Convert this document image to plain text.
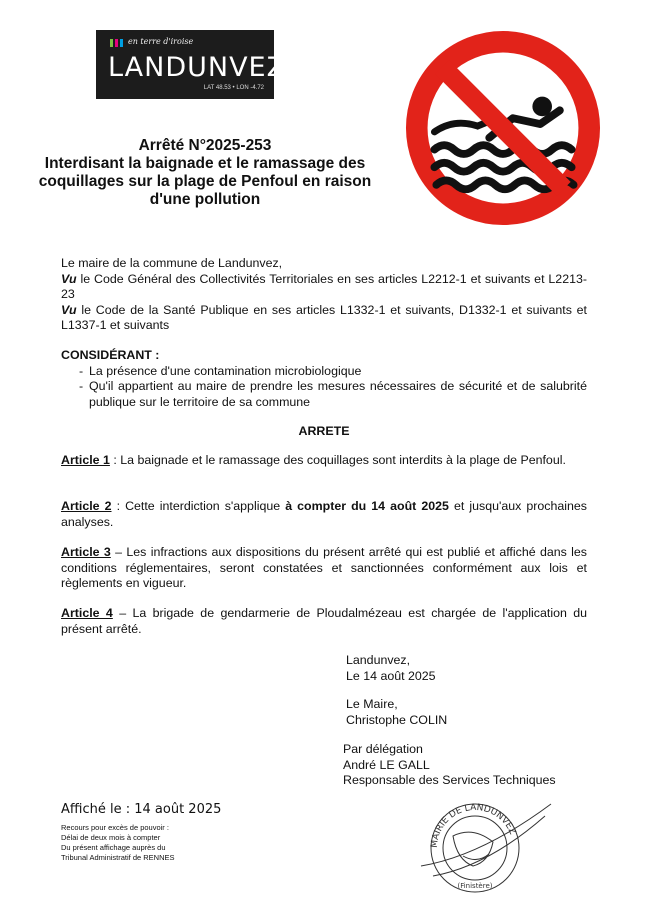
en terre d'iroise
LANDUNVEZ
LAT 48.53 • LON -4.72
Arrêté N°2025-253
Interdisant la baignade et le ramassage des
coquillages sur la plage de Penfoul en raison
d'une pollution

Le maire de la commune de Landunvez,

Vu le Code Général des Collectivités Territoriales en ses articles L2212-1 et suivants et L2213-23

Vu le Code de la Santé Publique en ses articles L1332-1 et suivants, D1332-1 et suivants et L1337-1 et suivants

CONSIDÉRANT :

- La présence d'une contamination microbiologique
- Qu'il appartient au maire de prendre les mesures nécessaires de sécurité et de salubrité publique sur le territoire de sa commune
ARRETE
Article 1 : La baignade et le ramassage des coquillages sont interdits à la plage de Penfoul.
Article 2 : Cette interdiction s'applique à compter du 14 août 2025 et jusqu'aux prochaines analyses.
Article 3 – Les infractions aux dispositions du présent arrêté qui est publié et affiché dans les conditions réglementaires, seront constatées et sanctionnées conformément aux lois et règlements en vigueur.
Article 4 – La brigade de gendarmerie de Ploudalmézeau est chargée de l'application du présent arrêté.
Landunvez,
Le 14 août 2025
Le Maire,
Christophe COLIN
Par délégation
André LE GALL
Responsable des Services Techniques
Affiché le : 14 août 2025
Recours pour excès de pouvoir :
Délai de deux mois à compter
Du présent affichage auprès du
Tribunal Administratif de RENNES
MAIRIE DE LANDUNVEZ
(Finistère)
